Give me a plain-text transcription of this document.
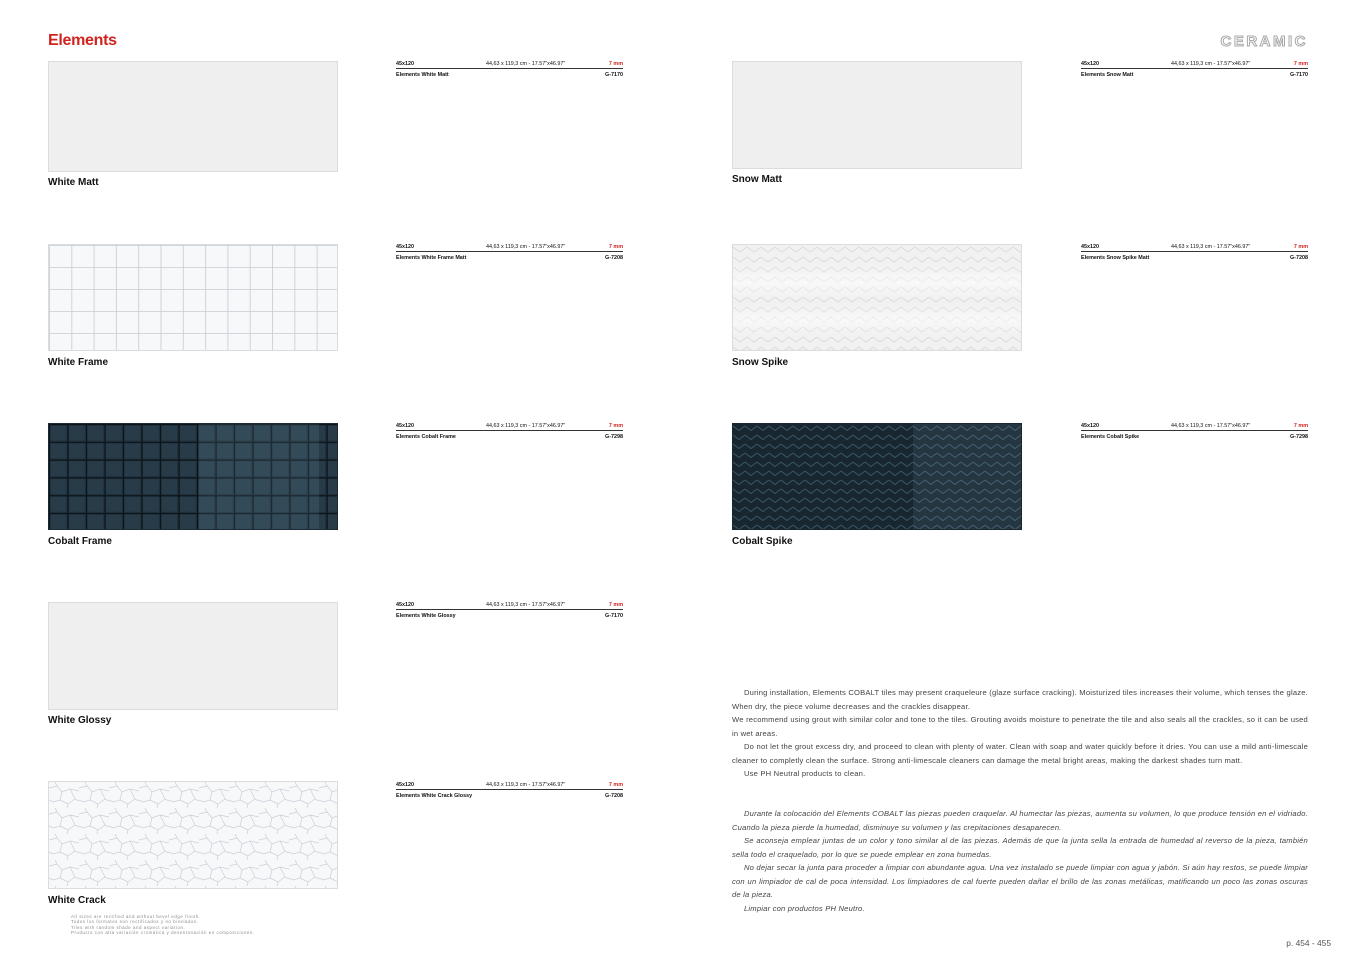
Elements	CERAMIC
White Matt
45x120	44,63 x 119,3 cm - 17.57"x46.97"	7 mm
Elements White Matt	G-7170
Snow Matt
45x120	44,63 x 119,3 cm - 17.57"x46.97"	7 mm
Elements Snow Matt	G-7170
White Frame
45x120	44,63 x 119,3 cm - 17.57"x46.97"	7 mm
Elements White Frame Matt	G-7208
Snow Spike
45x120	44,63 x 119,3 cm - 17.57"x46.97"	7 mm
Elements Snow Spike Matt	G-7208
Cobalt Frame
45x120	44,63 x 119,3 cm - 17.57"x46.97"	7 mm
Elements Cobalt Frame	G-7298
Cobalt Spike
45x120	44,63 x 119,3 cm - 17.57"x46.97"	7 mm
Elements Cobalt Spike	G-7298
White Glossy
45x120	44,63 x 119,3 cm - 17.57"x46.97"	7 mm
Elements White Glossy	G-7170
White Crack
45x120	44,63 x 119,3 cm - 17.57"x46.97"	7 mm
Elements White Crack Glossy	G-7208
All sizes are rectified and without bevel edge finish.
Todos los formatos son rectificados y no biselados.
Tiles with random shade and aspect variation.
Producto con alta variación cromática y desentonación en composiciones.

During installation, Elements COBALT tiles may present craqueleure (glaze surface cracking). Moisturized tiles increases their volume, which tenses the glaze. When dry, the piece volume decreases and the crackles disappear.

We recommend using grout with similar color and tone to the tiles. Grouting avoids moisture to penetrate the tile and also seals all the crackles, so it can be used in wet areas.

Do not let the grout excess dry, and proceed to clean with plenty of water. Clean with soap and water quickly before it dries. You can use a mild anti-limescale cleaner to completly clean the surface. Strong anti-limescale cleaners can damage the metal bright areas, making the darkest shades turn matt.

Use PH Neutral products to clean.

Durante la colocación del Elements COBALT las piezas pueden craquelar. Al humectar las piezas, aumenta su volumen, lo que produce tensión en el vidriado. Cuando la pieza pierde la humedad, disminuye su volumen y las crepitaciones desaparecen.

Se aconseja emplear juntas de un color y tono similar al de las piezas. Además de que la junta sella la entrada de humedad al reverso de la pieza, también sella todo el craquelado, por lo que se puede emplear en zona humedas.

No dejar secar la junta para proceder a limpiar con abundante agua. Una vez instalado se puede limpiar con agua y jabón. Si aún hay restos, se puede limpiar con un limpiador de cal de poca intensidad. Los limpiadores de cal fuerte pueden dañar el brillo de las zonas metálicas, matificando un poco las zonas oscuras de la pieza.

Limpiar con productos PH Neutro.

p. 454 - 455
